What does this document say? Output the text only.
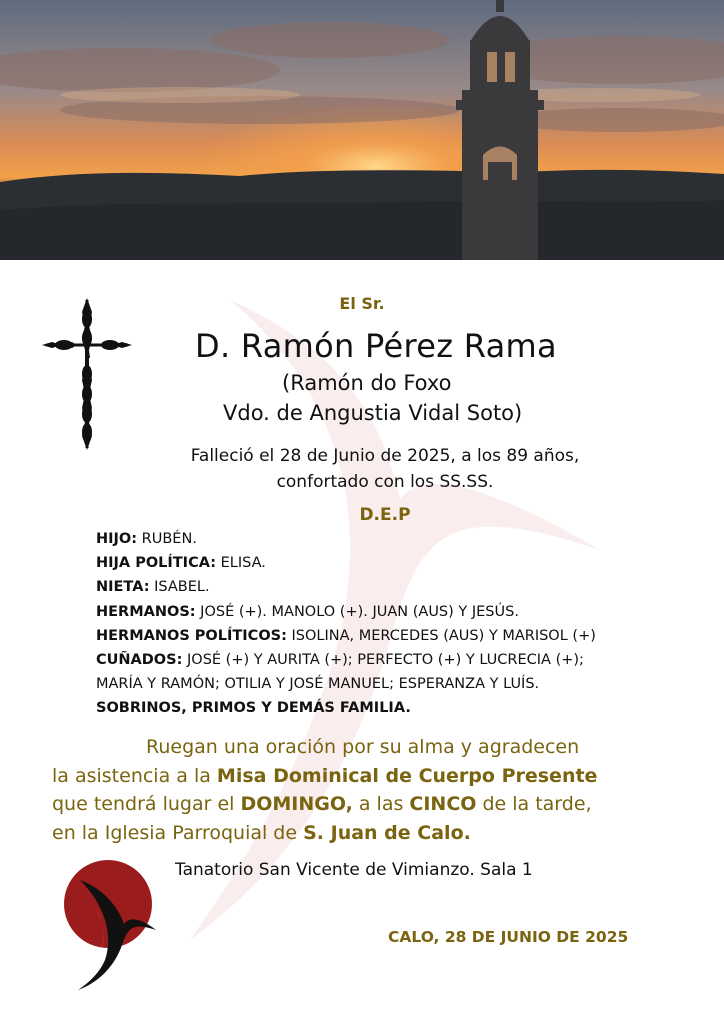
El Sr.
D. Ramón Pérez Rama
(Ramón do Foxo
Vdo. de Angustia Vidal Soto)
Falleció el 28 de Junio de 2025, a los 89 años,
confortado con los SS.SS.
D.E.P
HIJO: RUBÉN.
HIJA POLÍTICA: ELISA.
NIETA: ISABEL.
HERMANOS: JOSÉ (+). MANOLO (+). JUAN (AUS) Y JESÚS.
HERMANOS POLÍTICOS: ISOLINA, MERCEDES (AUS) Y MARISOL (+)
CUÑADOS: JOSÉ (+) Y AURITA (+); PERFECTO (+) Y LUCRECIA (+);
MARÍA Y RAMÓN; OTILIA Y JOSÉ MANUEL; ESPERANZA Y LUÍS.
SOBRINOS, PRIMOS Y DEMÁS FAMILIA.
Ruegan una oración por su alma y agradecen
la asistencia a la Misa Dominical de Cuerpo Presente
que tendrá lugar el DOMINGO, a las CINCO de la tarde,
en la Iglesia Parroquial de S. Juan de Calo.
Tanatorio San Vicente de Vimianzo. Sala 1
CALO, 28 DE JUNIO DE 2025
